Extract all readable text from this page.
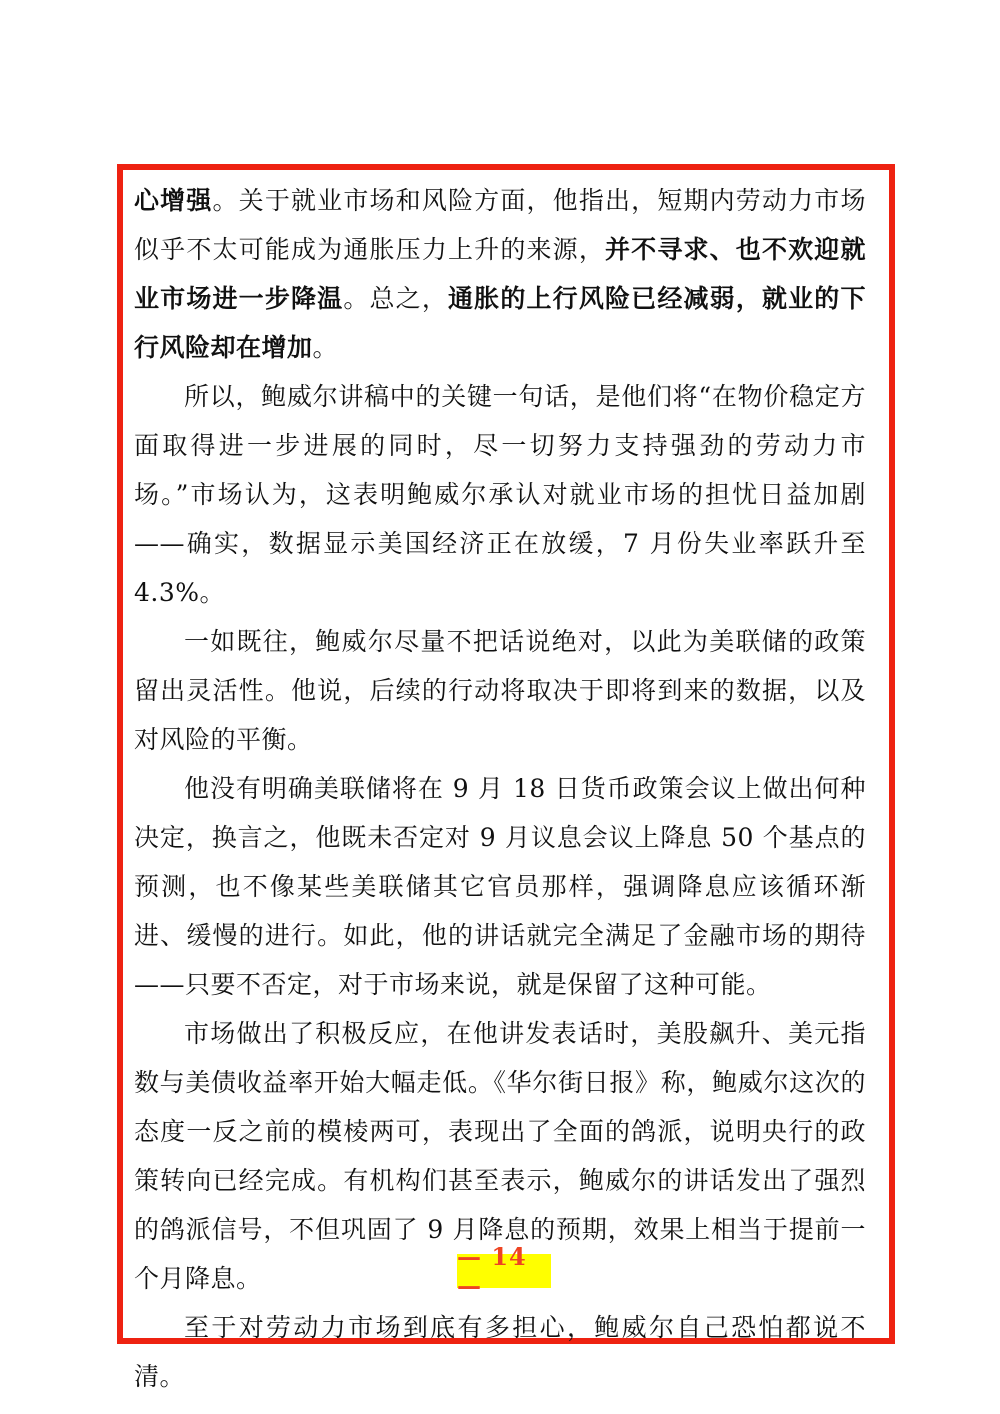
心增强。关于就业市场和风险方面，他指出，短期内劳动力市场似乎不太可能成为通胀压力上升的来源，并不寻求、也不欢迎就业市场进一步降温。总之，通胀的上行风险已经减弱，就业的下行风险却在增加。

所以，鲍威尔讲稿中的关键一句话，是他们将“在物价稳定方面取得进一步进展的同时，尽一切努力支持强劲的劳动力市场。”市场认为，这表明鲍威尔承认对就业市场的担忧日益加剧——确实，数据显示美国经济正在放缓，7 月份失业率跃升至 4.3%。

一如既往，鲍威尔尽量不把话说绝对，以此为美联储的政策留出灵活性。他说，后续的行动将取决于即将到来的数据，以及对风险的平衡。

他没有明确美联储将在 9 月 18 日货币政策会议上做出何种决定，换言之，他既未否定对 9 月议息会议上降息 50 个基点的预测，也不像某些美联储其它官员那样，强调降息应该循环渐进、缓慢的进行。如此，他的讲话就完全满足了金融市场的期待——只要不否定，对于市场来说，就是保留了这种可能。

市场做出了积极反应，在他讲发表话时，美股飙升、美元指数与美债收益率开始大幅走低。《华尔街日报》称，鲍威尔这次的态度一反之前的模棱两可，表现出了全面的鸽派，说明央行的政策转向已经完成。有机构们甚至表示，鲍威尔的讲话发出了强烈的鸽派信号，不但巩固了 9 月降息的预期，效果上相当于提前一个月降息。

至于对劳动力市场到底有多担心，鲍威尔自己恐怕都说不清。

— 14 —
